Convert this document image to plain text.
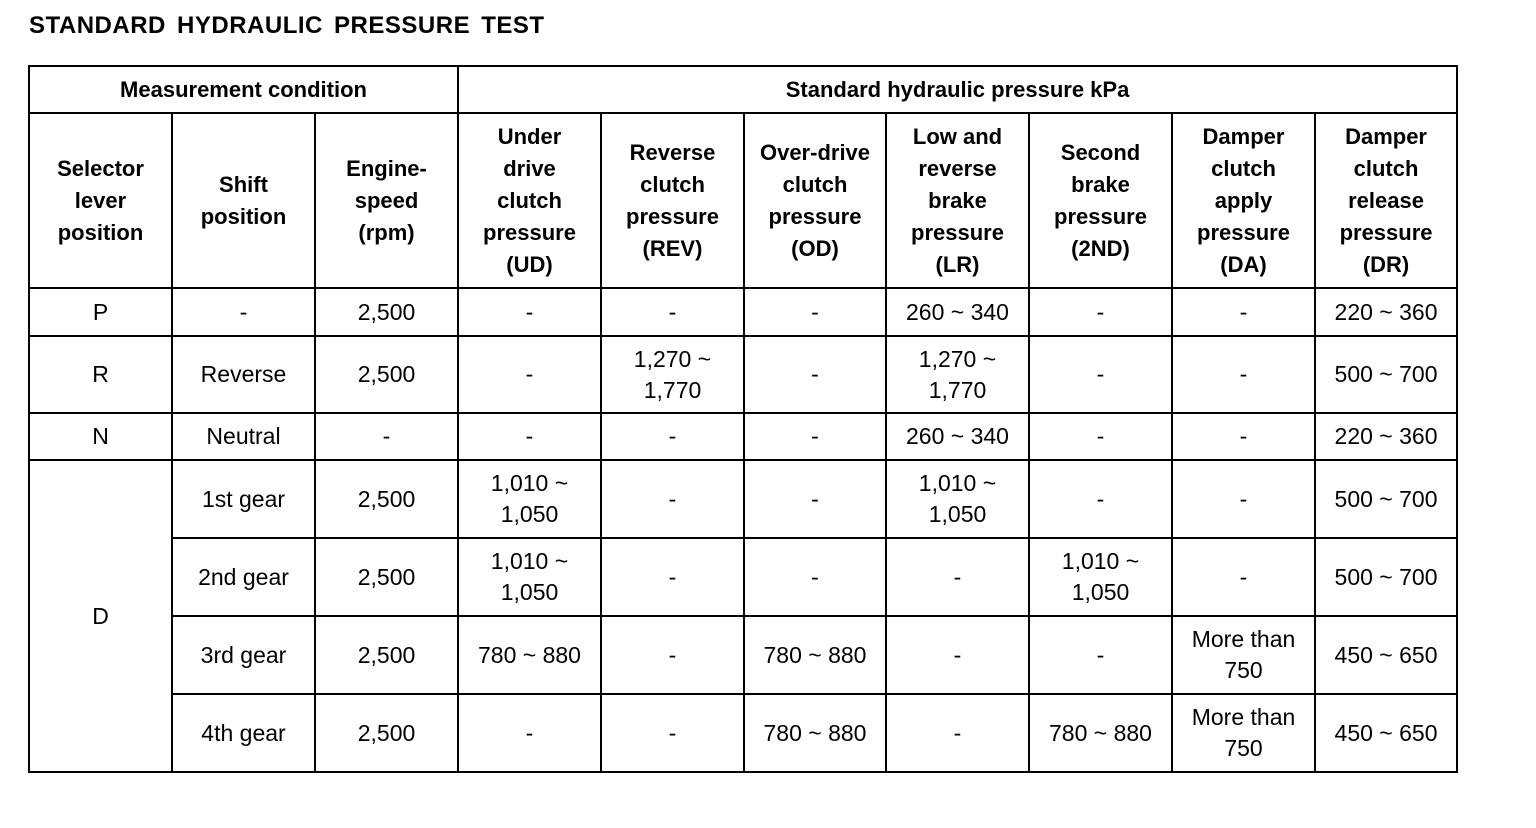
STANDARD HYDRAULIC PRESSURE TEST
Measurement condition			Standard hydraulic pressure kPa						
Selector lever position	Shift position	Engine-speed (rpm)	Under drive clutch pressure (UD)	Reverse clutch pressure (REV)	Over-drive clutch pressure (OD)	Low and reverse brake pressure (LR)	Second brake pressure (2ND)	Damper clutch apply pressure (DA)	Damper clutch release pressure (DR)
P	-	2,500	-	-	-	260 ~ 340	-	-	220 ~ 360
R	Reverse	2,500	-	1,270 ~ 1,770	-	1,270 ~ 1,770	-	-	500 ~ 700
N	Neutral	-	-	-	-	260 ~ 340	-	-	220 ~ 360
D	1st gear	2,500	1,010 ~ 1,050	-	-	1,010 ~ 1,050	-	-	500 ~ 700
	2nd gear	2,500	1,010 ~ 1,050	-	-	-	1,010 ~ 1,050	-	500 ~ 700
	3rd gear	2,500	780 ~ 880	-	780 ~ 880	-	-	More than 750	450 ~ 650
	4th gear	2,500	-	-	780 ~ 880	-	780 ~ 880	More than 750	450 ~ 650
